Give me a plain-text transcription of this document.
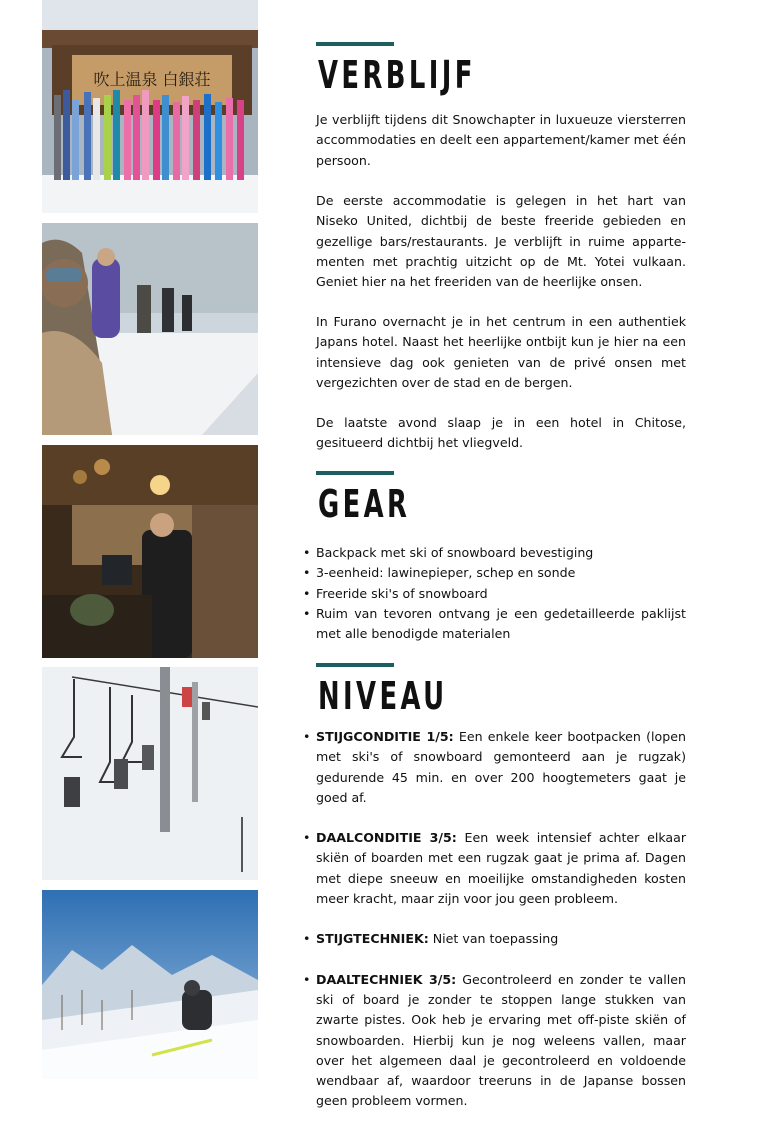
吹上温泉 白銀荘	VERBLIJF

Je verblijft tijdens dit Snowchapter in luxueuze viersterren accommodaties en deelt een appartement/kamer met één persoon.

De eerste accommodatie is gelegen in het hart van Niseko United, dichtbij de beste freeride gebieden en gezellige bars/restaurants. Je verblijft in ruime apparte-menten met prachtig uitzicht op de Mt. Yotei vulkaan. Geniet hier na het freeriden van de heerlijke onsen.

In Furano overnacht je in het centrum in een authentiek Japans hotel. Naast het heerlijke ontbijt kun je hier na een intensieve dag ook genieten van de privé onsen met vergezichten over de stad en de bergen.

De laatste avond slaap je in een hotel in Chitose, gesitueerd dichtbij het vliegveld.

GEAR
• Backpack met ski of snowboard bevestiging
• 3-eenheid: lawinepieper, schep en sonde
• Freeride ski's of snowboard
• Ruim van tevoren ontvang je een gedetailleerde paklijst met alle benodigde materialen
NIVEAU
• STIJGCONDITIE 1/5: Een enkele keer bootpacken (lopen met ski's of snowboard gemonteerd aan je rugzak) gedurende 45 min. en over 200 hoogtemeters gaat je goed af.
• DAALCONDITIE 3/5: Een week intensief achter elkaar skiën of boarden met een rugzak gaat je prima af. Dagen met diepe sneeuw en moeilijke omstandigheden kosten meer kracht, maar zijn voor jou geen probleem.
• STIJGTECHNIEK: Niet van toepassing
• DAALTECHNIEK 3/5: Gecontroleerd en zonder te vallen ski of board je zonder te stoppen lange stukken van zwarte pistes. Ook heb je ervaring met off-piste skiën of snowboarden. Hierbij kun je nog weleens vallen, maar over het algemeen daal je gecontroleerd en voldoende wendbaar af, waardoor treeruns in de Japanse bossen geen probleem vormen.
